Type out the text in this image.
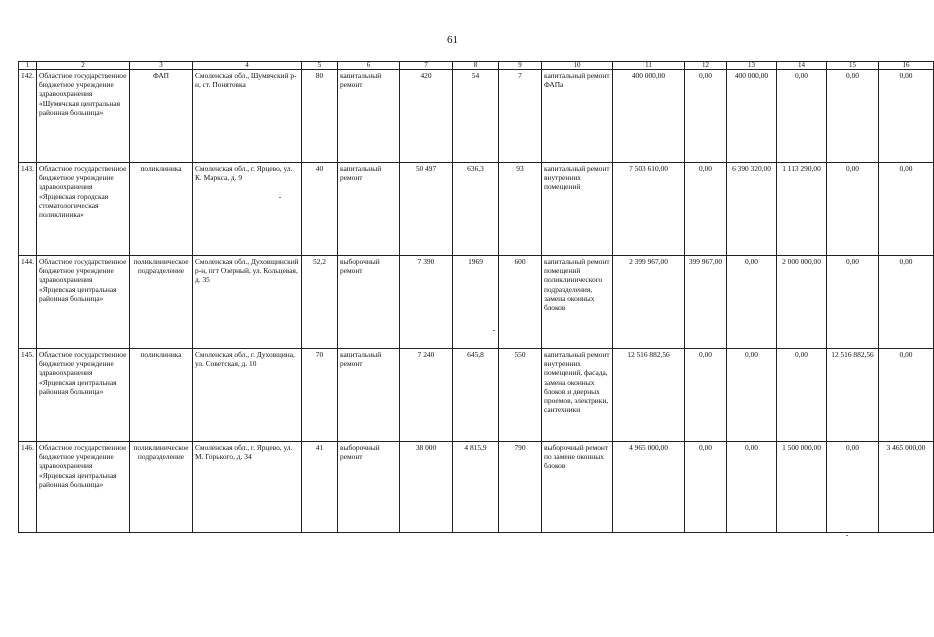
61
1	2	3	4	5	6	7	8	9	10	11	12	13	14	15	16
142.	Областное государственное бюджетное учреждение здравоохранения «Шумячская центральная районная больница»	ФАП	Смоленская обл., Шумячский р-н, ст. Понятовка	80	капитальный ремонт	420	54	7	капитальный ремонт ФАПа	400 000,00	0,00	400 000,00	0,00	0,00	0,00
143.	Областное государственное бюджетное учреждение здравоохранения «Ярцевская городская стоматологическая поликлиника»	поликлиника	Смоленская обл., г. Ярцево, ул. К. Маркса, д. 9	40	капитальный ремонт	50 497	636,3	93	капитальный ремонт внутренних помещений	7 503 610,00	0,00	6 390 320,00	1 113 290,00	0,00	0,00
144.	Областное государственное бюджетное учреждение здравоохранения «Ярцевская центральная районная больница»	поликлиническое подразделение	Смоленская обл., Духовщинский р-н, пгт Озерный, ул. Кольцевая, д. 35	52,2	выборочный ремонт	7 390	1969	600	капитальный ремонт помещений поликлинического подразделения, замена оконных блоков	2 399 967,00	399 967,00	0,00	2 000 000,00	0,00	0,00
145.	Областное государственное бюджетное учреждение здравоохранения «Ярцевская центральная районная больница»	поликлиника	Смоленская обл., г. Духовщина, ул. Советская, д. 10	70	капитальный ремонт	7 240	645,8	550	капитальный ремонт внутренних помещений, фасада, замена оконных блоков и дверных проемов, электрики, сантехники	12 516 882,56	0,00	0,00	0,00	12 516 882,56	0,00
146.	Областное государственное бюджетное учреждение здравоохранения «Ярцевская центральная районная больница»	поликлиническое подразделение	Смоленская обл., г. Ярцево, ул. М. Горького, д. 34	41	выборочный ремонт	38 000	4 815,9	790	выборочный ремонт по замене оконных блоков	4 965 000,00	0,00	0,00	1 500 000,00	0,00	3 465 000,00
